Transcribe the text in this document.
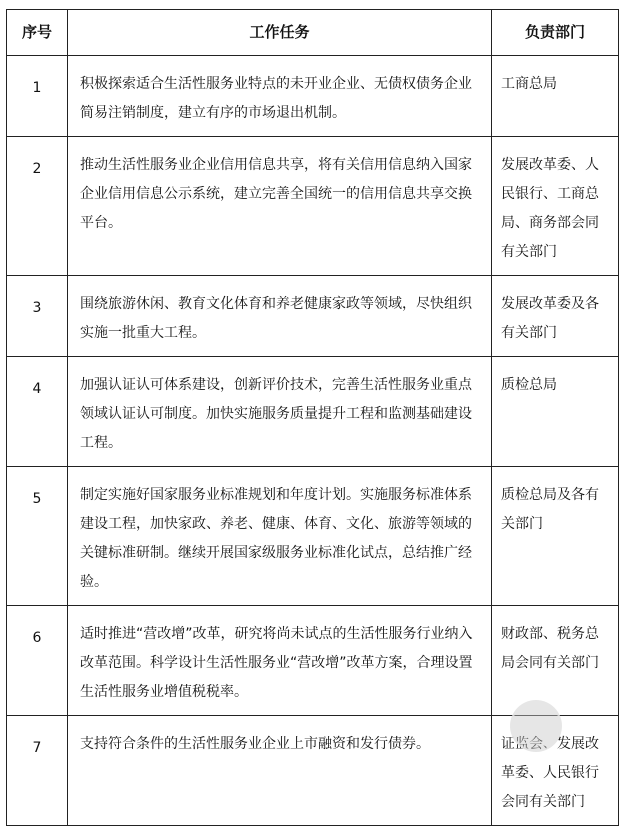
序号	工作任务	负责部门
1	积极探索适合生活性服务业特点的未开业企业、无债权债务企业简易注销制度，建立有序的市场退出机制。	工商总局
2	推动生活性服务业企业信用信息共享，将有关信用信息纳入国家企业信用信息公示系统，建立完善全国统一的信用信息共享交换平台。	发展改革委、人民银行、工商总局、商务部会同有关部门
3	围绕旅游休闲、教育文化体育和养老健康家政等领域，尽快组织实施一批重大工程。	发展改革委及各有关部门
4	加强认证认可体系建设，创新评价技术，完善生活性服务业重点领域认证认可制度。加快实施服务质量提升工程和监测基础建设工程。	质检总局
5	制定实施好国家服务业标准规划和年度计划。实施服务标准体系建设工程，加快家政、养老、健康、体育、文化、旅游等领域的关键标准研制。继续开展国家级服务业标准化试点，总结推广经验。	质检总局及各有关部门
6	适时推进“营改增”改革，研究将尚未试点的生活性服务行业纳入改革范围。科学设计生活性服务业“营改增”改革方案，合理设置生活性服务业增值税税率。	财政部、税务总局会同有关部门
7	支持符合条件的生活性服务业企业上市融资和发行债券。	证监会、发展改革委、人民银行会同有关部门
